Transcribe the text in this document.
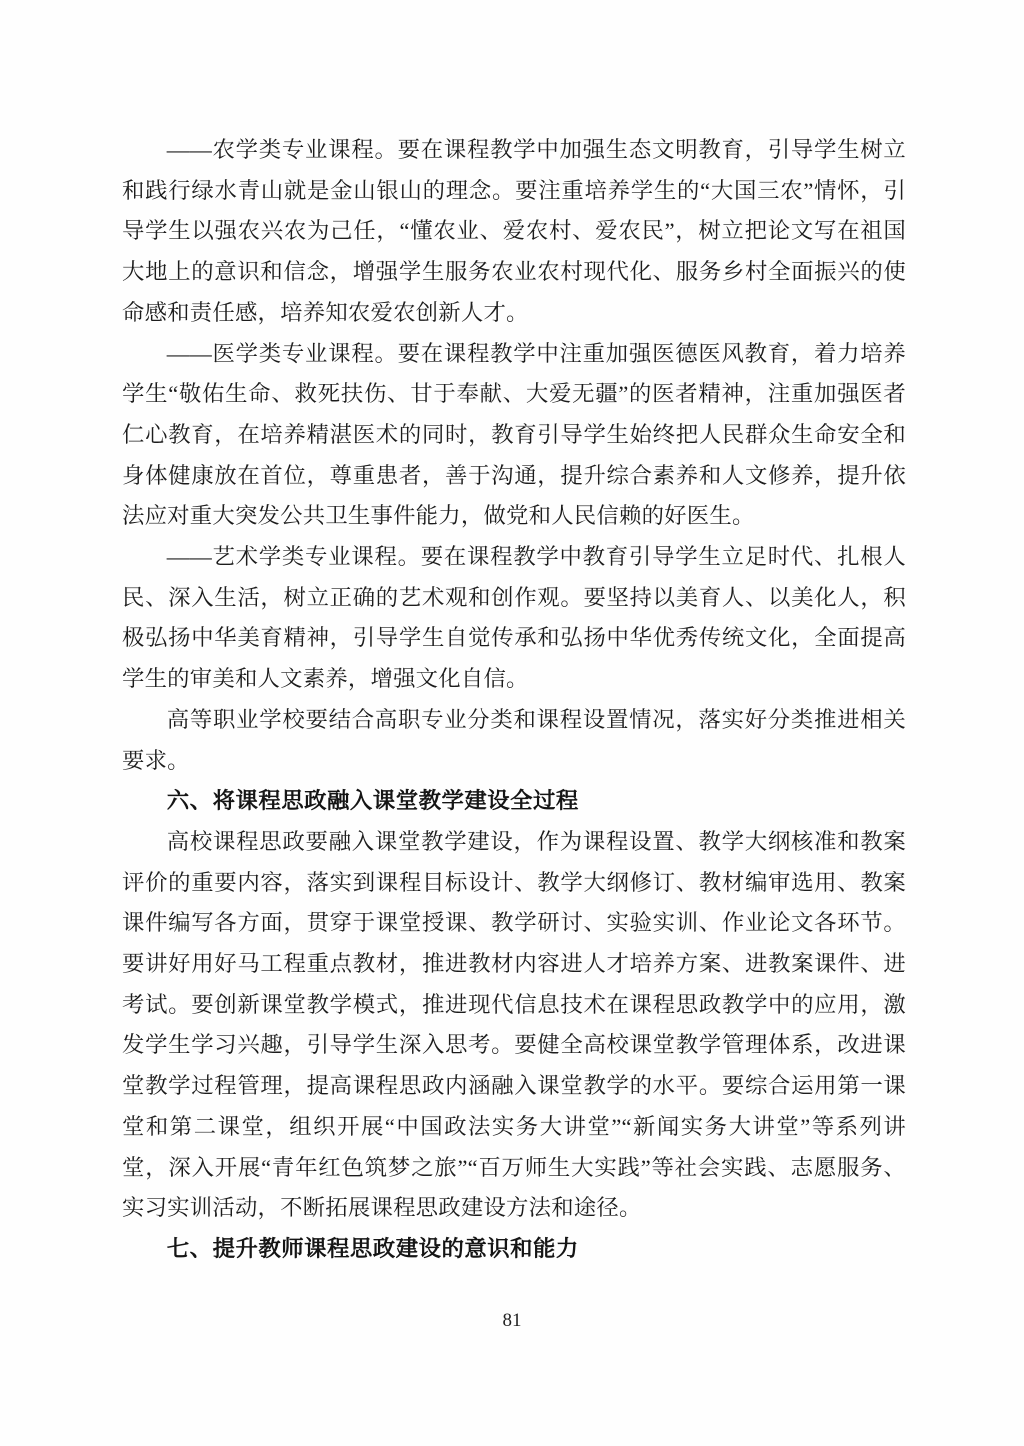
——农学类专业课程。要在课程教学中加强生态文明教育，引导学生树立和践行绿水青山就是金山银山的理念。要注重培养学生的“大国三农”情怀，引导学生以强农兴农为己任，“懂农业、爱农村、爱农民”，树立把论文写在祖国大地上的意识和信念，增强学生服务农业农村现代化、服务乡村全面振兴的使命感和责任感，培养知农爱农创新人才。

——医学类专业课程。要在课程教学中注重加强医德医风教育，着力培养学生“敬佑生命、救死扶伤、甘于奉献、大爱无疆”的医者精神，注重加强医者仁心教育，在培养精湛医术的同时，教育引导学生始终把人民群众生命安全和身体健康放在首位，尊重患者，善于沟通，提升综合素养和人文修养，提升依法应对重大突发公共卫生事件能力，做党和人民信赖的好医生。

——艺术学类专业课程。要在课程教学中教育引导学生立足时代、扎根人民、深入生活，树立正确的艺术观和创作观。要坚持以美育人、以美化人，积极弘扬中华美育精神，引导学生自觉传承和弘扬中华优秀传统文化，全面提高学生的审美和人文素养，增强文化自信。

高等职业学校要结合高职专业分类和课程设置情况，落实好分类推进相关要求。

六、将课程思政融入课堂教学建设全过程

高校课程思政要融入课堂教学建设，作为课程设置、教学大纲核准和教案评价的重要内容，落实到课程目标设计、教学大纲修订、教材编审选用、教案课件编写各方面，贯穿于课堂授课、教学研讨、实验实训、作业论文各环节。要讲好用好马工程重点教材，推进教材内容进人才培养方案、进教案课件、进考试。要创新课堂教学模式，推进现代信息技术在课程思政教学中的应用，激发学生学习兴趣，引导学生深入思考。要健全高校课堂教学管理体系，改进课堂教学过程管理，提高课程思政内涵融入课堂教学的水平。要综合运用第一课堂和第二课堂，组织开展“中国政法实务大讲堂”“新闻实务大讲堂”等系列讲堂，深入开展“青年红色筑梦之旅”“百万师生大实践”等社会实践、志愿服务、实习实训活动，不断拓展课程思政建设方法和途径。

七、提升教师课程思政建设的意识和能力
81
